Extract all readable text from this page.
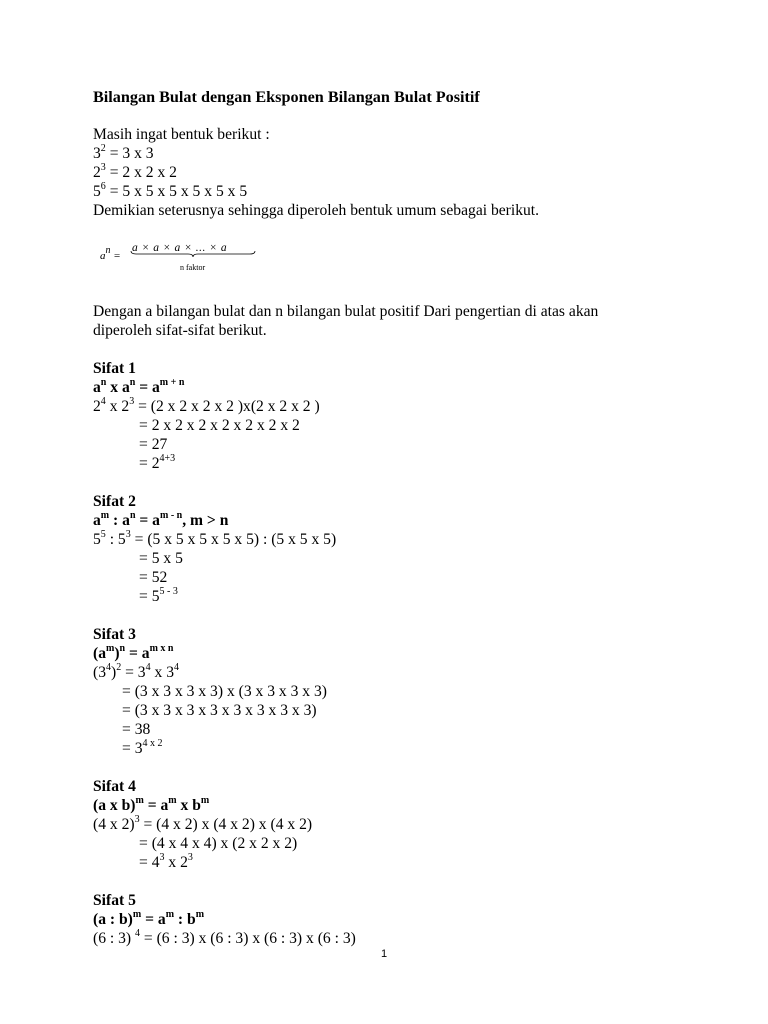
Bilangan Bulat dengan Eksponen Bilangan Bulat Positif
Masih ingat bentuk berikut :
$3^2 = 3$ x 3
$2^3 = 2$ x 2 x 2
$5^6 = 5$ x 5 x 5 x 5 x 5 x 5
Demikian seterusnya sehingga diperoleh bentuk umum sebagai berikut.
$a^n$ =
a × a × a × ... × a
n faktor
Dengan a bilangan bulat dan n bilangan bulat positif Dari pengertian di atas akan
diperoleh sifat-sifat berikut.
Sifat 1
$a^n$ x $a^n = a^{m + n}$
$2^4$ x $2^3 = (2$ x 2 x 2 x 2 )x(2 x 2 x 2 )
= 2 x 2 x 2 x 2 x 2 x 2 x 2
= 27
= $2^{4+3}$
Sifat 2
$a^m$ : $a^n = a^{m - n}$, m > n
$5^5$ : $5^3 = (5$ x 5 x 5 x 5 x 5) : (5 x 5 x 5)
= 5 x 5
= 52
= $5^{5 - 3}$
Sifat 3
$(a^m)^n = a^{m x n}$
$(3^4)^2 = 3^4$ x $3^4$
= (3 x 3 x 3 x 3) x (3 x 3 x 3 x 3)
= (3 x 3 x 3 x 3 x 3 x 3 x 3 x 3)
= 38
= $3^{4 x 2}$
Sifat 4
(a x $b)^m = a^m$ x $b^m$
(4 x 2)$^3$ = (4 x 2) x (4 x 2) x (4 x 2)
= (4 x 4 x 4) x (2 x 2 x 2)
= $4^3$ x $2^3$
Sifat 5
(a : $b)^m = a^m$ : $b^m$
(6 : 3) $^4$ = (6 : 3) x (6 : 3) x (6 : 3) x (6 : 3)
1
